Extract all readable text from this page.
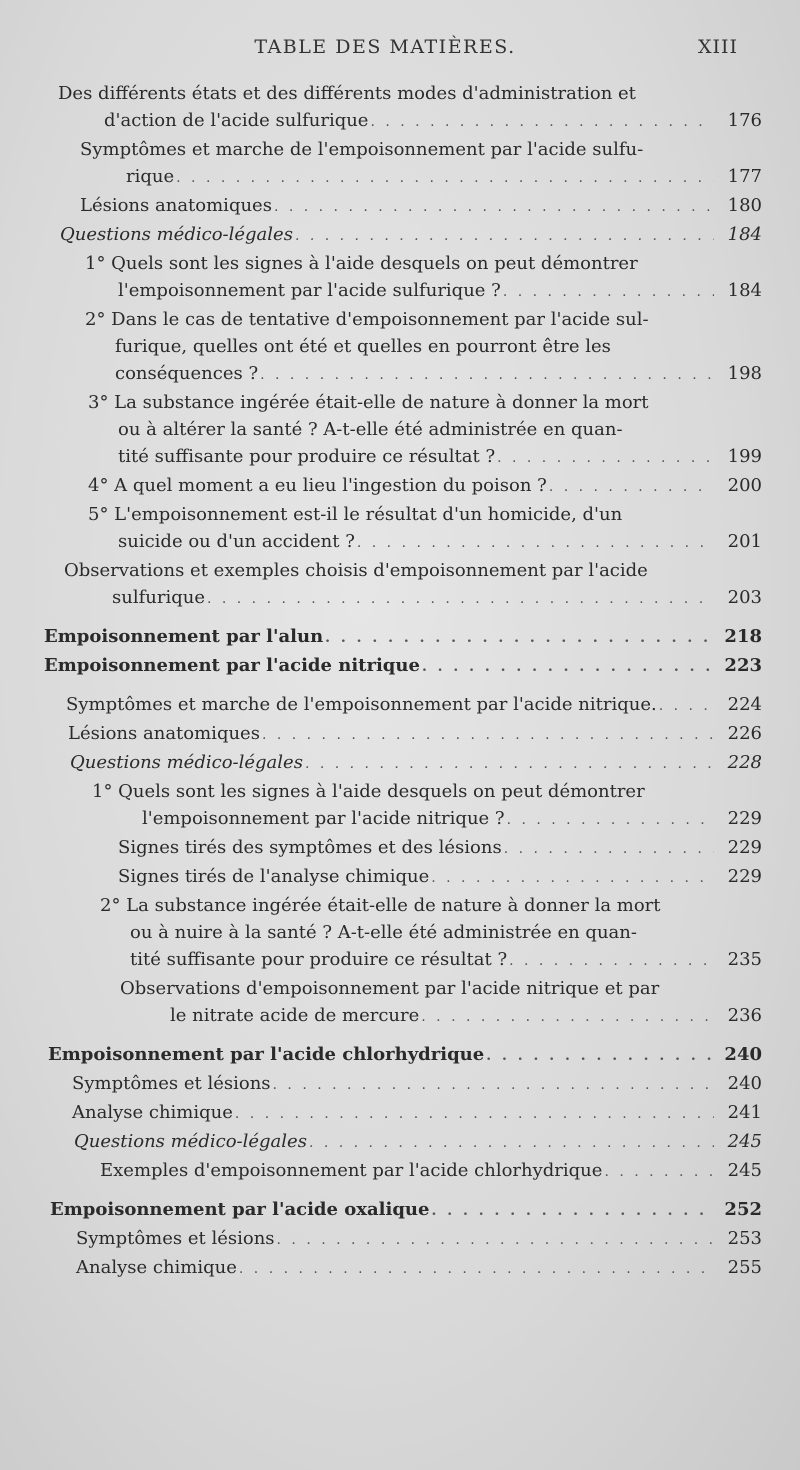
TABLE DES MATIÈRES.	XIII
Des différents états et des différents modes d'administration et
d'action de l'acide sulfurique . . .	176
Symptômes et marche de l'empoisonnement par l'acide sulfu-
rique . . .	177
Lésions anatomiques . . .	180
Questions médico-légales . . .	184
1° Quels sont les signes à l'aide desquels on peut démontrer
l'empoisonnement par l'acide sulfurique ? . . .	184
2° Dans le cas de tentative d'empoisonnement par l'acide sul-
furique, quelles ont été et quelles en pourront être les
conséquences ? . . .	198
3° La substance ingérée était-elle de nature à donner la mort
ou à altérer la santé ? A-t-elle été administrée en quan-
tité suffisante pour produire ce résultat ? . . .	199
4° A quel moment a eu lieu l'ingestion du poison ? . . .	200
5° L'empoisonnement est-il le résultat d'un homicide, d'un
suicide ou d'un accident ? . . .	201
Observations et exemples choisis d'empoisonnement par l'acide
sulfurique . . .	203
Empoisonnement par l'alun . . .	218
Empoisonnement par l'acide nitrique . . .	223
Symptômes et marche de l'empoisonnement par l'acide nitrique. . . .	224
Lésions anatomiques . . .	226
Questions médico-légales . . .	228
1° Quels sont les signes à l'aide desquels on peut démontrer
l'empoisonnement par l'acide nitrique ? . . .	229
Signes tirés des symptômes et des lésions . . .	229
Signes tirés de l'analyse chimique . . .	229
2° La substance ingérée était-elle de nature à donner la mort
ou à nuire à la santé ? A-t-elle été administrée en quan-
tité suffisante pour produire ce résultat ? . . .	235
Observations d'empoisonnement par l'acide nitrique et par
le nitrate acide de mercure . . .	236
Empoisonnement par l'acide chlorhydrique . . .	240
Symptômes et lésions . . .	240
Analyse chimique . . .	241
Questions médico-légales . . .	245
Exemples d'empoisonnement par l'acide chlorhydrique . . .	245
Empoisonnement par l'acide oxalique . . .	252
Symptômes et lésions . . .	253
Analyse chimique . . .	255
